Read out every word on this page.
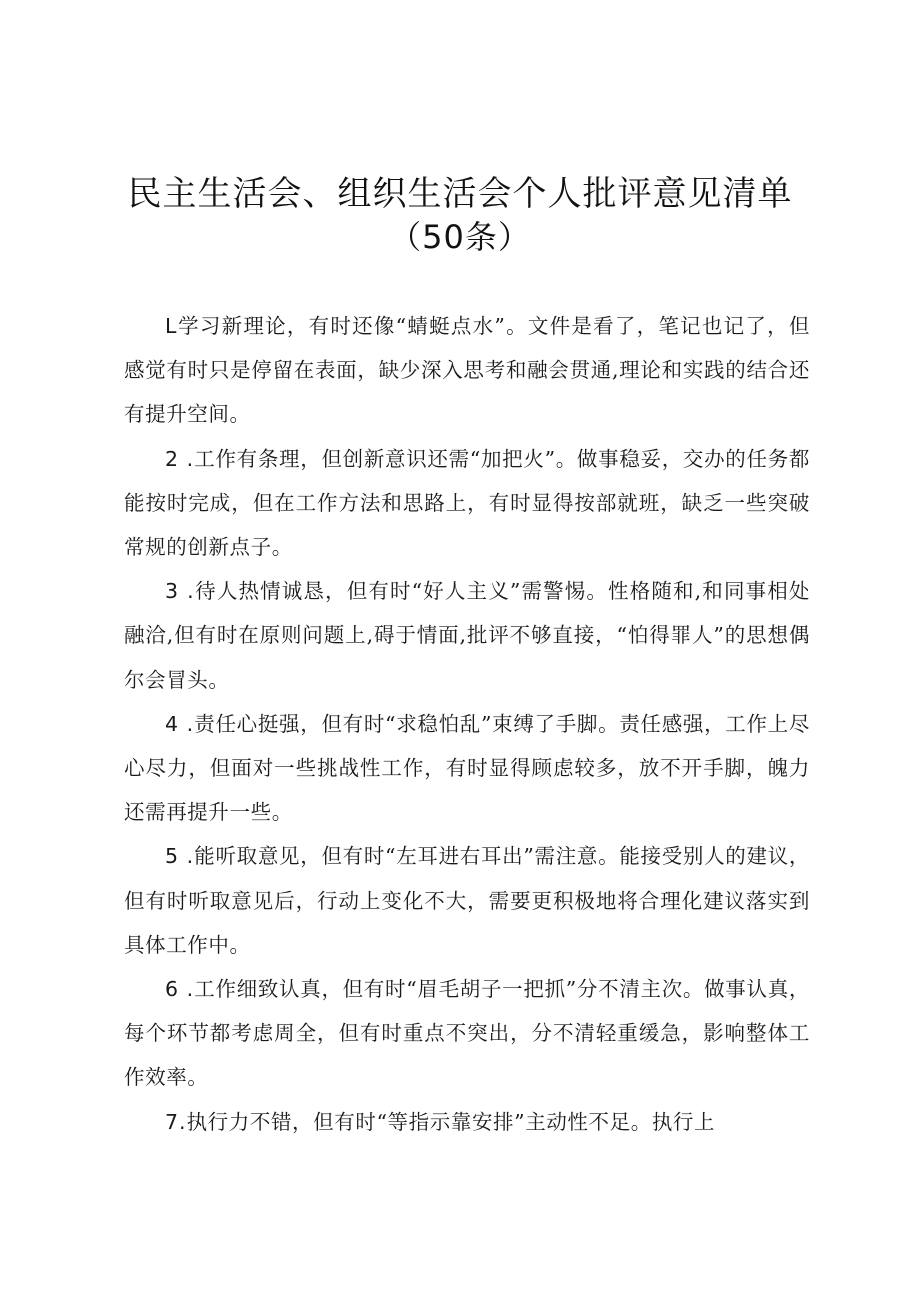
民主生活会、组织生活会个人批评意见清单
（50条）

L学习新理论，有时还像“蜻蜓点水”。文件是看了，笔记也记了，但感觉有时只是停留在表面，缺少深入思考和融会贯通,理论和实践的结合还有提升空间。

2 .工作有条理，但创新意识还需“加把火”。做事稳妥，交办的任务都能按时完成，但在工作方法和思路上，有时显得按部就班，缺乏一些突破常规的创新点子。

3 .待人热情诚恳，但有时“好人主义”需警惕。性格随和,和同事相处融洽,但有时在原则问题上,碍于情面,批评不够直接，“怕得罪人”的思想偶尔会冒头。

4 .责任心挺强，但有时“求稳怕乱”束缚了手脚。责任感强，工作上尽心尽力，但面对一些挑战性工作，有时显得顾虑较多，放不开手脚，魄力还需再提升一些。

5 .能听取意见，但有时“左耳进右耳出”需注意。能接受别人的建议，但有时听取意见后，行动上变化不大，需要更积极地将合理化建议落实到具体工作中。

6 .工作细致认真，但有时“眉毛胡子一把抓”分不清主次。做事认真，每个环节都考虑周全，但有时重点不突出，分不清轻重缓急，影响整体工作效率。

7.执行力不错，但有时“等指示靠安排”主动性不足。执行上
